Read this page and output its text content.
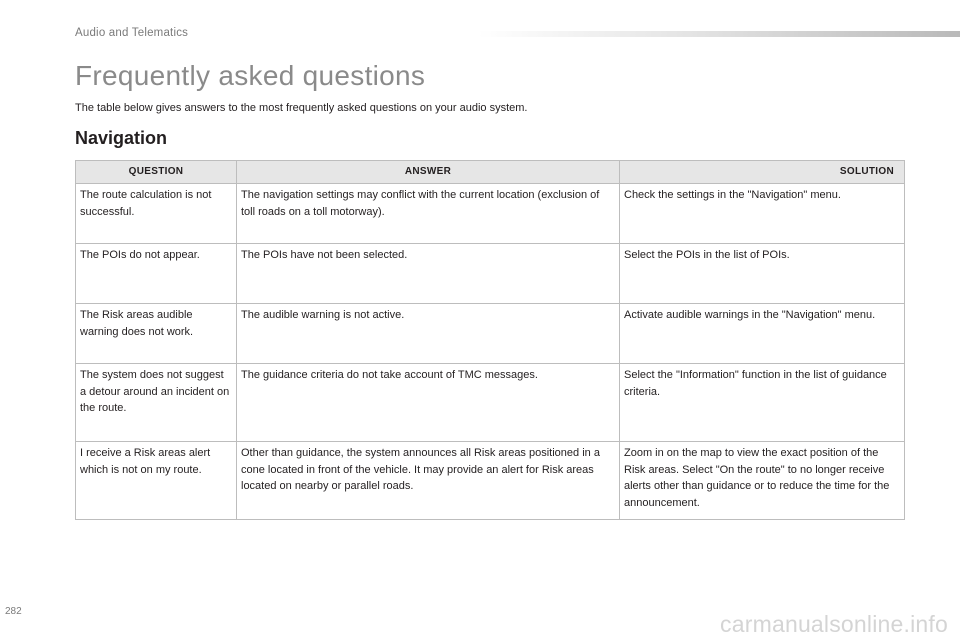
Audio and Telematics
Frequently asked questions
The table below gives answers to the most frequently asked questions on your audio system.
Navigation
QUESTION	ANSWER	SOLUTION
The route calculation is not successful.	The navigation settings may conflict with the current location (exclusion of toll roads on a toll motorway).	Check the settings in the "Navigation" menu.
The POIs do not appear.	The POIs have not been selected.	Select the POIs in the list of POIs.
The Risk areas audible warning does not work.	The audible warning is not active.	Activate audible warnings in the "Navigation" menu.
The system does not suggest a detour around an incident on the route.	The guidance criteria do not take account of TMC messages.	Select the "Information" function in the list of guidance criteria.
I receive a Risk areas alert which is not on my route.	Other than guidance, the system announces all Risk areas positioned in a cone located in front of the vehicle. It may provide an alert for Risk areas located on nearby or parallel roads.	Zoom in on the map to view the exact position of the Risk areas. Select "On the route" to no longer receive alerts other than guidance or to reduce the time for the announcement.
282	carmanualsonline.info
